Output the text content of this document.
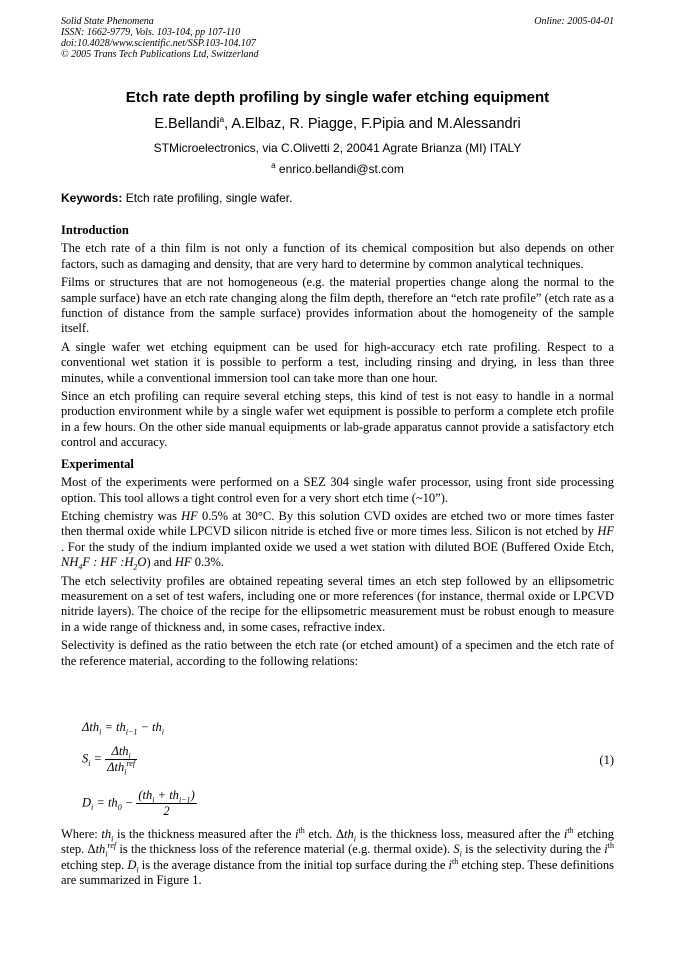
Solid State Phenomena
ISSN: 1662-9779, Vols. 103-104, pp 107-110
doi:10.4028/www.scientific.net/SSP.103-104.107
© 2005 Trans Tech Publications Ltd, Switzerland
Online: 2005-04-01
Etch rate depth profiling by single wafer etching equipment
E.Bellandi$^a$, A.Elbaz, R. Piagge, F.Pipia and M.Alessandri
STMicroelectronics, via C.Olivetti 2, 20041 Agrate Brianza (MI) ITALY
$^a$ enrico.bellandi@st.com
Keywords: Etch rate profiling, single wafer.
Introduction

The etch rate of a thin film is not only a function of its chemical composition but also depends on other factors, such as damaging and density, that are very hard to determine by common analytical techniques.

Films or structures that are not homogeneous (e.g. the material properties change along the normal to the sample surface) have an etch rate changing along the film depth, therefore an “etch rate profile” (etch rate as a function of distance from the sample surface) provides information about the homogeneity of the sample itself.

A single wafer wet etching equipment can be used for high-accuracy etch rate profiling. Respect to a conventional wet station it is possible to perform a test, including rinsing and drying, in less than three minutes, while a conventional immersion tool can take more than one hour.

Since an etch profiling can require several etching steps, this kind of test is not easy to handle in a normal production environment while by a single wafer wet equipment is possible to perform a complete etch profile in a few hours. On the other side manual equipments or lab-grade apparatus cannot provide a satisfactory etch control and accuracy.

Experimental

Most of the experiments were performed on a SEZ 304 single wafer processor, using front side processing option. This tool allows a tight control even for a very short etch time (~10”).

Etching chemistry was HF 0.5% at 30°C. By this solution CVD oxides are etched two or more times faster then thermal oxide while LPCVD silicon nitride is etched five or more times less. Silicon is not etched by HF . For the study of the indium implanted oxide we used a wet station with diluted BOE (Buffered Oxide Etch, $NH_4F$ : HF $:H_2O$) and HF 0.3%.

The etch selectivity profiles are obtained repeating several times an etch step followed by an ellipsometric measurement on a set of test wafers, including one or more references (for instance, thermal oxide or LPCVD nitride layers). The choice of the recipe for the ellipsometric measurement must be robust enough to measure in a wide range of thickness and, in some cases, refractive index.

Selectivity is defined as the ratio between the etch rate (or etched amount) of a specimen and the etch rate of the reference material, according to the following relations:

$\Delta th_i = th_{i-1} - th_i$
$S_i = \frac{\Delta th_i}{\Delta th_i^{ref}}$
$D_i = th_0 - \frac{(th_i + th_{i-1})}{2}$
(1)

Where: $th_i$ is the thickness measured after the $i^{th}$ etch. Δth$_i$ is the thickness loss, measured after the $i^{th}$ etching step. Δth$_i^{ref}$ is the thickness loss of the reference material (e.g. thermal oxide). $S_i$ is the selectivity during the $i^{th}$ etching step. $D_i$ is the average distance from the initial top surface during the $i^{th}$ etching step. These definitions are summarized in Figure 1.
